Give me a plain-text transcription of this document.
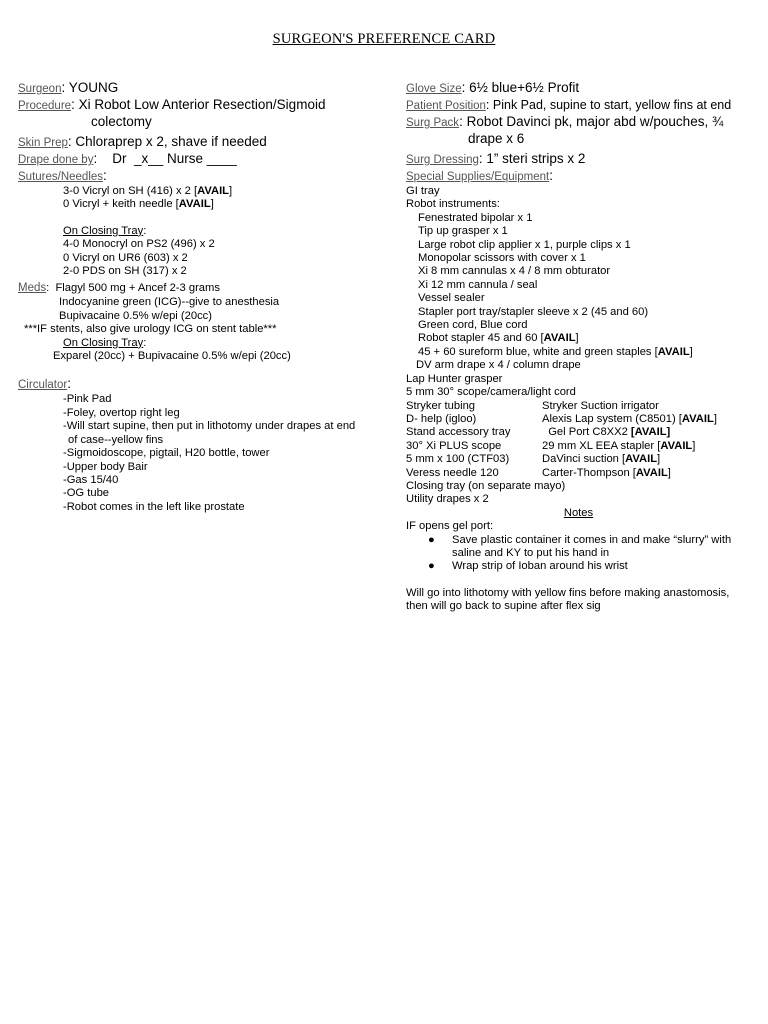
SURGEON'S PREFERENCE CARD
Surgeon: YOUNG
Procedure: Xi Robot Low Anterior Resection/Sigmoid
colectomy
Skin Prep: Chloraprep x 2, shave if needed
Drape done by:    Dr  _x__ Nurse ____
Sutures/Needles:
3-0 Vicryl on SH (416) x 2 [AVAIL]
0 Vicryl + keith needle [AVAIL]
On Closing Tray:
4-0 Monocryl on PS2 (496) x 2
0 Vicryl on UR6 (603) x 2
2-0 PDS on SH (317) x 2
Meds:  Flagyl 500 mg + Ancef 2-3 grams
Indocyanine green (ICG)--give to anesthesia
Bupivacaine 0.5% w/epi (20cc)
***IF stents, also give urology ICG on stent table***
On Closing Tray:
Exparel (20cc) + Bupivacaine 0.5% w/epi (20cc)
Circulator:
-Pink Pad
-Foley, overtop right leg
-Will start supine, then put in lithotomy under drapes at end
of case--yellow fins
-Sigmoidoscope, pigtail, H20 bottle, tower
-Upper body Bair
-Gas 15/40
-OG tube
-Robot comes in the left like prostate
Glove Size: 6½ blue+6½ Profit
Patient Position: Pink Pad, supine to start, yellow fins at end
Surg Pack: Robot Davinci pk, major abd w/pouches, ¾
drape x 6
Surg Dressing: 1” steri strips x 2
Special Supplies/Equipment:
GI tray
Robot instruments:
Fenestrated bipolar x 1
Tip up grasper x 1
Large robot clip applier x 1, purple clips x 1
Monopolar scissors with cover x 1
Xi 8 mm cannulas x 4 / 8 mm obturator
Xi 12 mm cannula / seal
Vessel sealer
Stapler port tray/stapler sleeve x 2 (45 and 60)
Green cord, Blue cord
Robot stapler 45 and 60 [AVAIL]
45 + 60 sureform blue, white and green staples [AVAIL]
DV arm drape x 4 / column drape
Lap Hunter grasper
5 mm 30° scope/camera/light cord
Stryker tubing	Stryker Suction irrigator
D- help (igloo)	Alexis Lap system (C8501) [AVAIL]
Stand accessory tray	Gel Port C8XX2 [AVAIL]
30° Xi PLUS scope	29 mm XL EEA stapler [AVAIL]
5 mm x 100 (CTF03)	DaVinci suction [AVAIL]
Veress needle 120	Carter-Thompson [AVAIL]
Closing tray (on separate mayo)
Utility drapes x 2
Notes
IF opens gel port:
● Save plastic container it comes in and make “slurry” with saline and KY to put his hand in
● Wrap strip of Ioban around his wrist
Will go into lithotomy with yellow fins before making anastomosis, then will go back to supine after flex sig
